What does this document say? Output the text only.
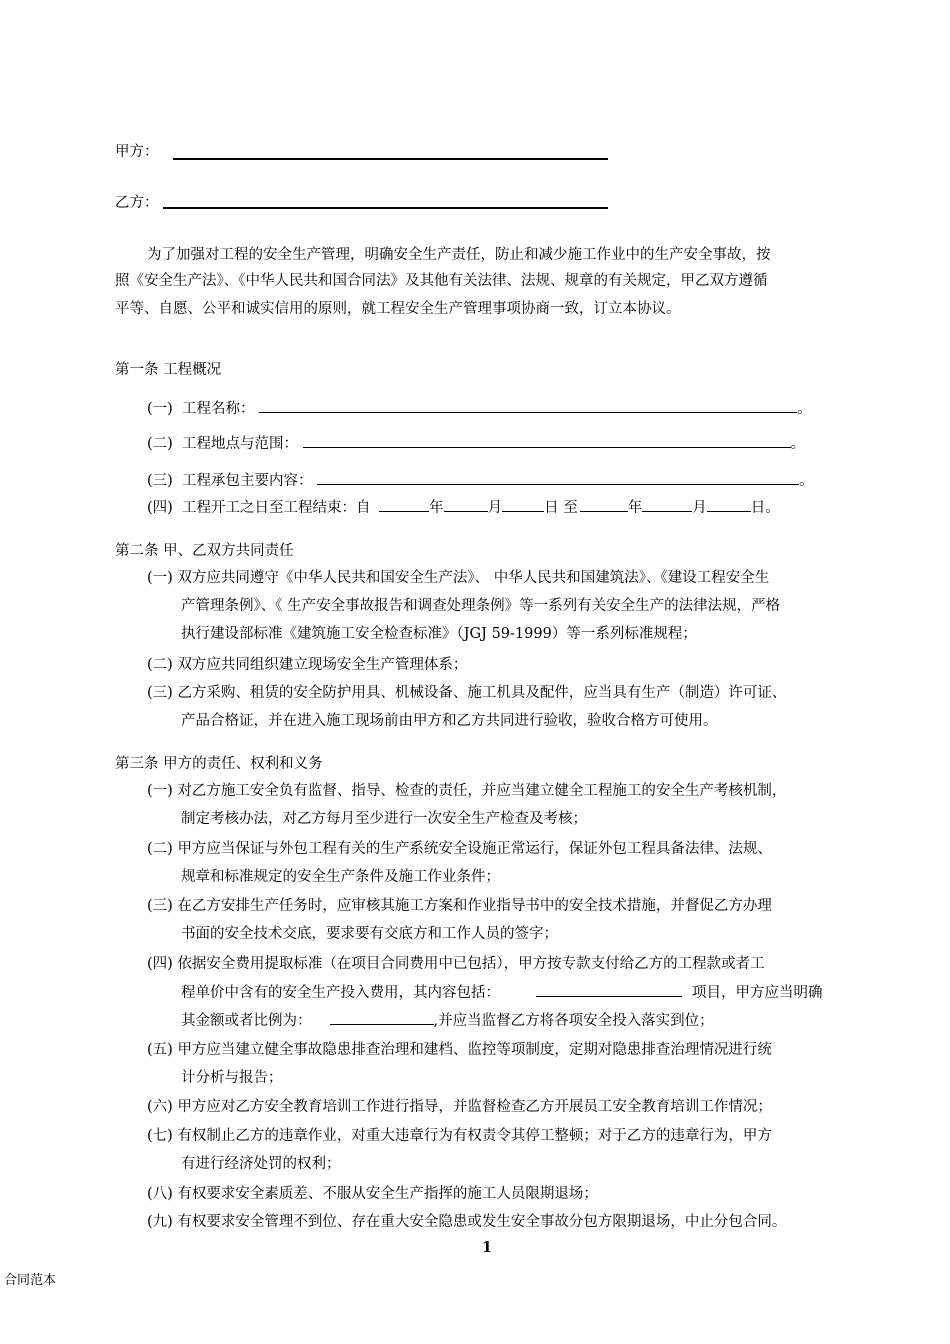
甲方：
乙方：
为了加强对工程的安全生产管理，明确安全生产责任，防止和减少施工作业中的生产安全事故，按
照《安全生产法》、《中华人民共和国合同法》及其他有关法律、法规、规章的有关规定，甲乙双方遵循
平等、自愿、公平和诚实信用的原则，就工程安全生产管理事项协商一致，订立本协议。
第一条 工程概况
(一) 工程名称：	。
(二) 工程地点与范围：	。
(三) 工程承包主要内容：	。
(四) 工程开工之日至工程结束：自	年	月	日 至	年	月	日。
第二条 甲、乙双方共同责任
(一) 双方应共同遵守《中华人民共和国安全生产法》、 中华人民共和国建筑法》、《建设工程安全生
产管理条例》、《 生产安全事故报告和调查处理条例》等一系列有关安全生产的法律法规，严格
执行建设部标准《建筑施工安全检查标准》（JGJ 59-1999）等一系列标准规程；
(二) 双方应共同组织建立现场安全生产管理体系；
(三) 乙方采购、租赁的安全防护用具、机械设备、施工机具及配件，应当具有生产（制造）许可证、
产品合格证，并在进入施工现场前由甲方和乙方共同进行验收，验收合格方可使用。
第三条 甲方的责任、权利和义务
(一) 对乙方施工安全负有监督、指导、检查的责任，并应当建立健全工程施工的安全生产考核机制，
制定考核办法，对乙方每月至少进行一次安全生产检查及考核；
(二) 甲方应当保证与外包工程有关的生产系统安全设施正常运行，保证外包工程具备法律、法规、
规章和标准规定的安全生产条件及施工作业条件；
(三) 在乙方安排生产任务时，应审核其施工方案和作业指导书中的安全技术措施，并督促乙方办理
书面的安全技术交底，要求要有交底方和工作人员的签字；
(四) 依据安全费用提取标准（在项目合同费用中已包括），甲方按专款支付给乙方的工程款或者工
程单价中含有的安全生产投入费用，其内容包括：	项目，甲方应当明确
其金额或者比例为：	,并应当监督乙方将各项安全投入落实到位；
(五) 甲方应当建立健全事故隐患排查治理和建档、监控等项制度，定期对隐患排查治理情况进行统
计分析与报告；
(六) 甲方应对乙方安全教育培训工作进行指导，并监督检查乙方开展员工安全教育培训工作情况；
(七) 有权制止乙方的违章作业，对重大违章行为有权责令其停工整顿；对于乙方的违章行为，甲方
有进行经济处罚的权利；
(八) 有权要求安全素质差、不服从安全生产指挥的施工人员限期退场；
(九) 有权要求安全管理不到位、存在重大安全隐患或发生安全事故分包方限期退场，中止分包合同。
1
合同范本
